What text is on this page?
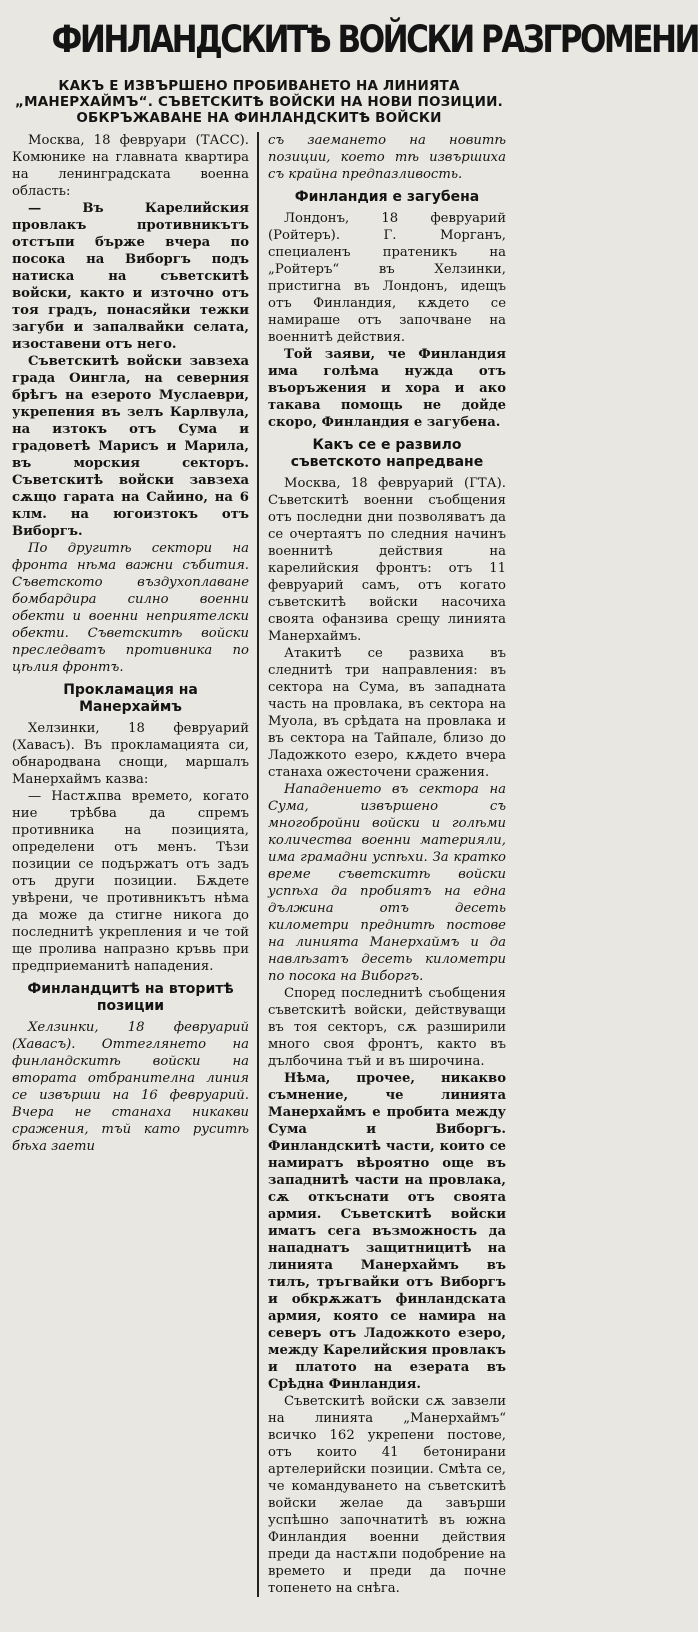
ФИНЛАНДСКИТѢ ВОЙСКИ РАЗГРОМЕНИ
КАКЪ Е ИЗВЪРШЕНО ПРОБИВАНЕТО НА ЛИНИЯТА „МАНЕРХАЙМЪ“. СЪВЕТСКИТѢ ВОЙСКИ НА НОВИ ПОЗИЦИИ. ОБКРЪЖАВАНЕ НА ФИНЛАНДСКИТѢ ВОЙСКИ

Москва, 18 февруари (ТАСС). Комюнике на главната квартира на ленинградската военна область:

— Въ Карелийския провлакъ противникътъ отстъпи бърже вчера по посока на Виборгъ подъ натиска на съветскитѣ войски, както и източно отъ тоя градъ, понасяйки тежки загуби и запалвайки селата, изоставени отъ него.

Съветскитѣ войски завзеха града Оингла, на северния брѣгъ на езерото Муслаеври, укрепения въ зелъ Карлвула, на изтокъ отъ Сума и градоветѣ Марисъ и Марила, въ морския секторъ. Съветскитѣ войски завзеха сѫщо гарата на Сайино, на 6 клм. на югоизтокъ отъ Виборгъ.

По другитѣ сектори на фронта нѣма важни събития. Съветското въздухоплаване бомбардира силно военни обекти и военни неприятелски обекти. Съветскитѣ войски преследватъ противника по цѣлия фронтъ.

Прокламация на Манерхаймъ

Хелзинки, 18 февруарий (Хавасъ). Въ прокламацията си, обнародвана снощи, маршалъ Манерхаймъ казва:

— Настѫпва времето, когато ние трѣбва да спремъ противника на позицията, определени отъ менъ. Тѣзи позиции се подържатъ отъ задъ отъ други позиции. Бѫдете увѣрени, че противникътъ нѣма да може да стигне никога до последнитѣ укрепления и че той ще пролива напразно кръвь при предприеманитѣ нападения.

Финландцитѣ на вторитѣ позиции

Хелзинки, 18 февруарий (Хавасъ). Оттеглянето на финландскитѣ войски на втората отбранителна линия се извърши на 16 февруарий. Вчера не станаха никакви сражения, тъй като руситѣ бѣха заети

съ заемането на новитѣ позиции, което тѣ извършиха съ крайна предпазливость.

Финландия е загубена

Лондонъ, 18 февруарий (Ройтеръ). Г. Морганъ, специаленъ пратеникъ на „Ройтеръ“ въ Хелзинки, пристигна въ Лондонъ, идещъ отъ Финландия, кѫдето се намираше отъ започване на военнитѣ действия.

Той заяви, че Финландия има голѣма нужда отъ въоръжения и хора и ако такава помощь не дойде скоро, Финландия е загубена.

Какъ се е развило съветското напредване

Москва, 18 февруарий (ГТА). Съветскитѣ военни съобщения отъ последни дни позволяватъ да се очертаятъ по следния начинъ военнитѣ действия на карелийския фронтъ: отъ 11 февруарий самъ, отъ когато съветскитѣ войски насочиха своята офанзива срещу линията Манерхаймъ.

Атакитѣ се развиха въ следнитѣ три направления: въ сектора на Сума, въ западната часть на провлака, въ сектора на Муола, въ срѣдата на провлака и въ сектора на Тайпале, близо до Ладожкото езеро, кѫдето вчера станаха ожесточени сражения.

Нападението въ сектора на Сума, извършено съ многобройни войски и голѣми количества военни материяли, има грамадни успѣхи. За кратко време съветскитѣ войски успѣха да пробиятъ на една дължина отъ десеть километри преднитѣ постове на линията Манерхаймъ и да навлѣзатъ десеть километри по посока на Виборгъ.

Според последнитѣ съобщения съветскитѣ войски, действуващи въ тоя секторъ, сѫ разширили много своя фронтъ, както въ дълбочина тъй и въ широчина.

Нѣма, прочее, никакво съмнение, че линията Манерхаймъ е пробита между Сума и Виборгъ. Финландскитѣ части, които се намиратъ вѣроятно още въ западнитѣ части на провлака, сѫ откъснати отъ своята армия. Съветскитѣ войски иматъ сега възможность да нападнатъ защитницитѣ на линията Манерхаймъ въ тилъ, тръгвайки отъ Виборгъ и обкрѫжатъ финландската армия, която се намира на северъ отъ Ладожкото езеро, между Карелийския провлакъ и платото на езерата въ Срѣдна Финландия.

Съветскитѣ войски сѫ завзели на линията „Манерхаймъ“ всичко 162 укрепени постове, отъ които 41 бетонирани артелерийски позиции. Смѣта се, че командуването на съветскитѣ войски желае да завърши успѣшно започнатитѣ въ южна Финландия военни действия преди да настѫпи подобрение на времето и преди да почне топенето на снѣга.
